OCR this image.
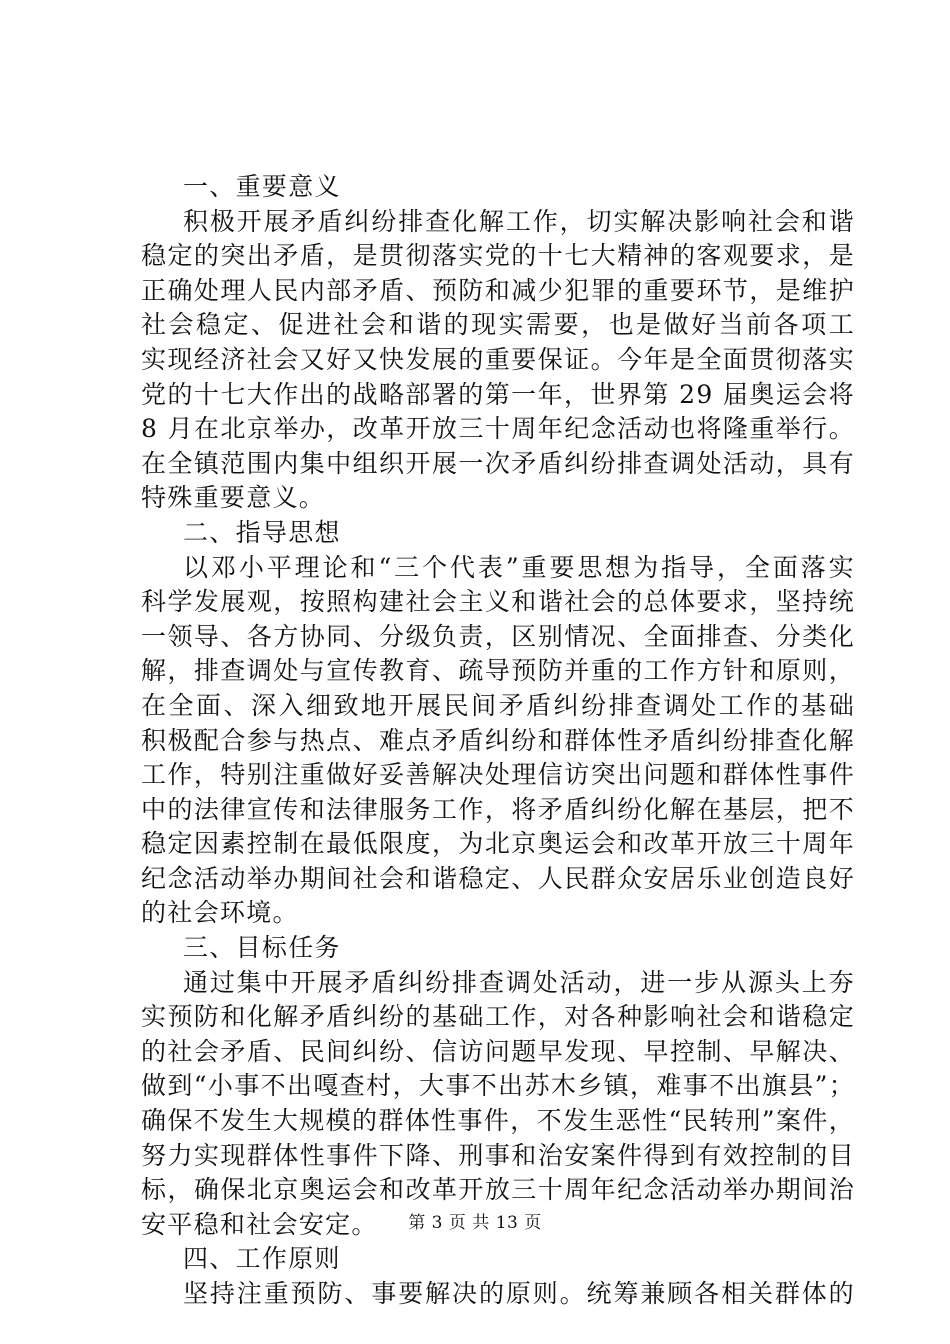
一、重要意义
积极开展矛盾纠纷排查化解工作，切实解决影响社会和谐
稳定的突出矛盾，是贯彻落实党的十七大精神的客观要求，是
正确处理人民内部矛盾、预防和减少犯罪的重要环节，是维护
社会稳定、促进社会和谐的现实需要，也是做好当前各项工
实现经济社会又好又快发展的重要保证。今年是全面贯彻落实
党的十七大作出的战略部署的第一年，世界第 29 届奥运会将
8 月在北京举办，改革开放三十周年纪念活动也将隆重举行。
在全镇范围内集中组织开展一次矛盾纠纷排查调处活动，具有
特殊重要意义。
二、指导思想
以邓小平理论和“三个代表”重要思想为指导，全面落实
科学发展观，按照构建社会主义和谐社会的总体要求，坚持统
一领导、各方协同、分级负责，区别情况、全面排查、分类化
解，排查调处与宣传教育、疏导预防并重的工作方针和原则，
在全面、深入细致地开展民间矛盾纠纷排查调处工作的基础
积极配合参与热点、难点矛盾纠纷和群体性矛盾纠纷排查化解
工作，特别注重做好妥善解决处理信访突出问题和群体性事件
中的法律宣传和法律服务工作，将矛盾纠纷化解在基层，把不
稳定因素控制在最低限度，为北京奥运会和改革开放三十周年
纪念活动举办期间社会和谐稳定、人民群众安居乐业创造良好
的社会环境。
三、目标任务
通过集中开展矛盾纠纷排查调处活动，进一步从源头上夯
实预防和化解矛盾纠纷的基础工作，对各种影响社会和谐稳定
的社会矛盾、民间纠纷、信访问题早发现、早控制、早解决、
做到“小事不出嘎查村，大事不出苏木乡镇，难事不出旗县”；
确保不发生大规模的群体性事件，不发生恶性“民转刑”案件，
努力实现群体性事件下降、刑事和治安案件得到有效控制的目
标，确保北京奥运会和改革开放三十周年纪念活动举办期间治
安平稳和社会安定。
四、工作原则
坚持注重预防、事要解决的原则。统筹兼顾各相关群体的
第 3 页 共 13 页
